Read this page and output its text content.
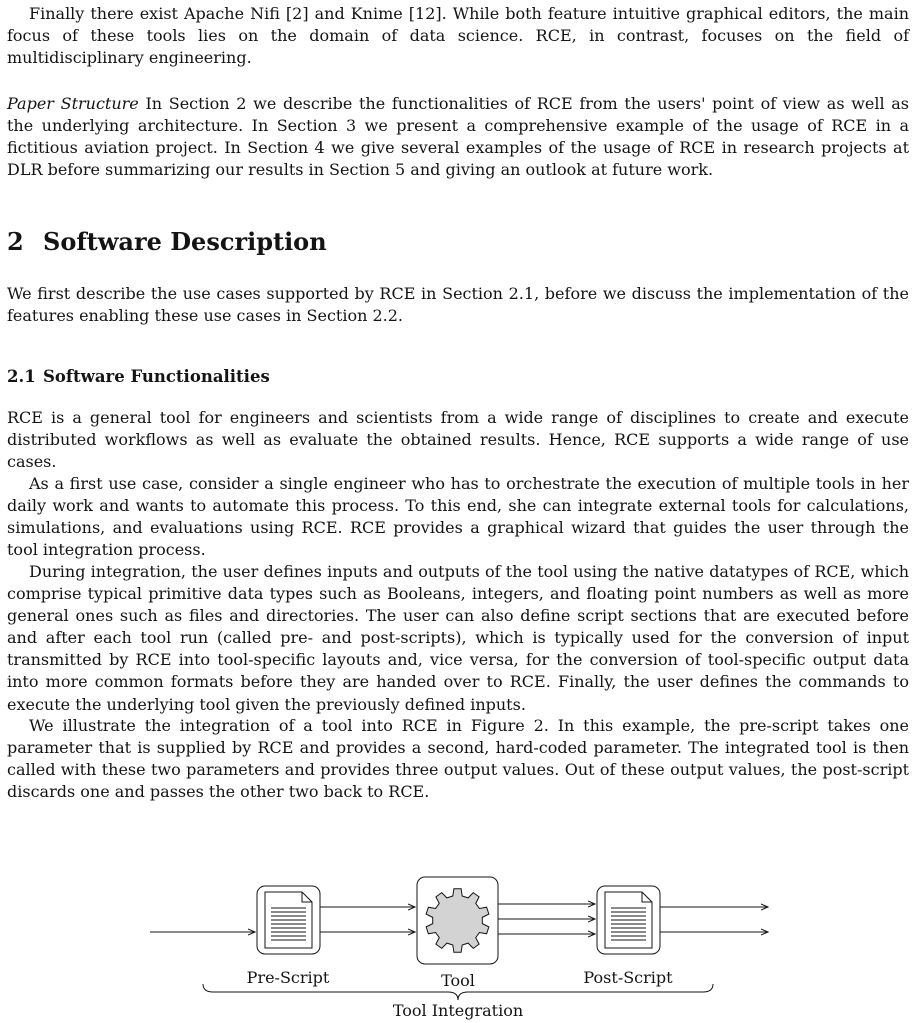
Finally there exist Apache Nifi [2] and Knime [12]. While both feature intuitive graphical editors, the main focus of these tools lies on the domain of data science. RCE, in contrast, focuses on the field of multidisciplinary engineering.

Paper Structure In Section 2 we describe the functionalities of RCE from the users' point of view as well as the underlying architecture. In Section 3 we present a comprehensive example of the usage of RCE in a fictitious aviation project. In Section 4 we give several examples of the usage of RCE in research projects at DLR before summarizing our results in Section 5 and giving an outlook at future work.

2 Software Description

We first describe the use cases supported by RCE in Section 2.1, before we discuss the implementation of the features enabling these use cases in Section 2.2.

2.1 Software Functionalities

RCE is a general tool for engineers and scientists from a wide range of disciplines to create and execute distributed workflows as well as evaluate the obtained results. Hence, RCE supports a wide range of use cases.

As a first use case, consider a single engineer who has to orchestrate the execution of multiple tools in her daily work and wants to automate this process. To this end, she can integrate external tools for calculations, simulations, and evaluations using RCE. RCE provides a graphical wizard that guides the user through the tool integration process.

During integration, the user defines inputs and outputs of the tool using the native datatypes of RCE, which comprise typical primitive data types such as Booleans, integers, and floating point numbers as well as more general ones such as files and directories. The user can also define script sections that are executed before and after each tool run (called pre- and post-scripts), which is typically used for the conversion of input transmitted by RCE into tool-specific layouts and, vice versa, for the conversion of tool-specific output data into more common formats before they are handed over to RCE. Finally, the user defines the commands to execute the underlying tool given the previously defined inputs.

We illustrate the integration of a tool into RCE in Figure 2. In this example, the pre-script takes one parameter that is supplied by RCE and provides a second, hard-coded parameter. The integrated tool is then called with these two parameters and provides three output values. Out of these output values, the post-script discards one and passes the other two back to RCE.

Pre-Script	Tool	Post-Script
Tool Integration
